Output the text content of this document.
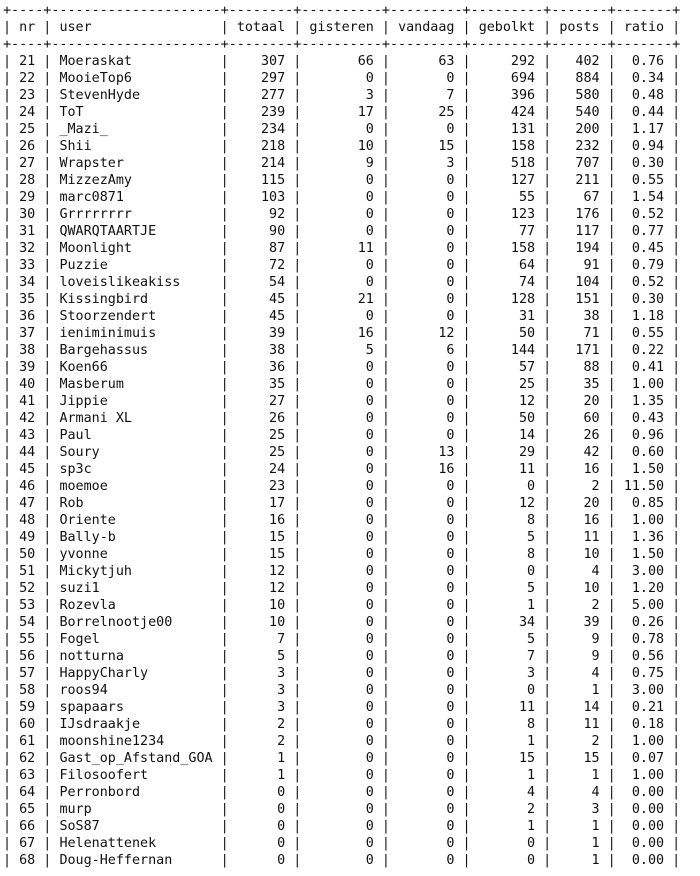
+----+---------------------+--------+----------+---------+---------+-------+-------+
| nr | user                | totaal | gisteren | vandaag | gebolkt | posts | ratio |
+----+---------------------+--------+----------+---------+---------+-------+-------+
| 21 | Moeraskat           |    307 |       66 |      63 |     292 |   402 |  0.76 |
| 22 | MooieTop6           |    297 |        0 |       0 |     694 |   884 |  0.34 |
| 23 | StevenHyde          |    277 |        3 |       7 |     396 |   580 |  0.48 |
| 24 | ToT                 |    239 |       17 |      25 |     424 |   540 |  0.44 |
| 25 | _Mazi_              |    234 |        0 |       0 |     131 |   200 |  1.17 |
| 26 | Shii                |    218 |       10 |      15 |     158 |   232 |  0.94 |
| 27 | Wrapster            |    214 |        9 |       3 |     518 |   707 |  0.30 |
| 28 | MizzezAmy           |    115 |        0 |       0 |     127 |   211 |  0.55 |
| 29 | marc0871            |    103 |        0 |       0 |      55 |    67 |  1.54 |
| 30 | Grrrrrrrr           |     92 |        0 |       0 |     123 |   176 |  0.52 |
| 31 | QWARQTAARTJE        |     90 |        0 |       0 |      77 |   117 |  0.77 |
| 32 | Moonlight           |     87 |       11 |       0 |     158 |   194 |  0.45 |
| 33 | Puzzie              |     72 |        0 |       0 |      64 |    91 |  0.79 |
| 34 | loveislikeakiss     |     54 |        0 |       0 |      74 |   104 |  0.52 |
| 35 | Kissingbird         |     45 |       21 |       0 |     128 |   151 |  0.30 |
| 36 | Stoorzendert        |     45 |        0 |       0 |      31 |    38 |  1.18 |
| 37 | ieniminimuis        |     39 |       16 |      12 |      50 |    71 |  0.55 |
| 38 | Bargehassus         |     38 |        5 |       6 |     144 |   171 |  0.22 |
| 39 | Koen66              |     36 |        0 |       0 |      57 |    88 |  0.41 |
| 40 | Masberum            |     35 |        0 |       0 |      25 |    35 |  1.00 |
| 41 | Jippie              |     27 |        0 |       0 |      12 |    20 |  1.35 |
| 42 | Armani XL           |     26 |        0 |       0 |      50 |    60 |  0.43 |
| 43 | Paul                |     25 |        0 |       0 |      14 |    26 |  0.96 |
| 44 | Soury               |     25 |        0 |      13 |      29 |    42 |  0.60 |
| 45 | sp3c                |     24 |        0 |      16 |      11 |    16 |  1.50 |
| 46 | moemoe              |     23 |        0 |       0 |       0 |     2 | 11.50 |
| 47 | Rob                 |     17 |        0 |       0 |      12 |    20 |  0.85 |
| 48 | Oriente             |     16 |        0 |       0 |       8 |    16 |  1.00 |
| 49 | Bally-b             |     15 |        0 |       0 |       5 |    11 |  1.36 |
| 50 | yvonne              |     15 |        0 |       0 |       8 |    10 |  1.50 |
| 51 | Mickytjuh           |     12 |        0 |       0 |       0 |     4 |  3.00 |
| 52 | suzi1               |     12 |        0 |       0 |       5 |    10 |  1.20 |
| 53 | Rozevla             |     10 |        0 |       0 |       1 |     2 |  5.00 |
| 54 | Borrelnootje00      |     10 |        0 |       0 |      34 |    39 |  0.26 |
| 55 | Fogel               |      7 |        0 |       0 |       5 |     9 |  0.78 |
| 56 | notturna            |      5 |        0 |       0 |       7 |     9 |  0.56 |
| 57 | HappyCharly         |      3 |        0 |       0 |       3 |     4 |  0.75 |
| 58 | roos94              |      3 |        0 |       0 |       0 |     1 |  3.00 |
| 59 | spapaars            |      3 |        0 |       0 |      11 |    14 |  0.21 |
| 60 | IJsdraakje          |      2 |        0 |       0 |       8 |    11 |  0.18 |
| 61 | moonshine1234       |      2 |        0 |       0 |       1 |     2 |  1.00 |
| 62 | Gast_op_Afstand_GOA |      1 |        0 |       0 |      15 |    15 |  0.07 |
| 63 | Filosoofert         |      1 |        0 |       0 |       1 |     1 |  1.00 |
| 64 | Perronbord          |      0 |        0 |       0 |       4 |     4 |  0.00 |
| 65 | murp                |      0 |        0 |       0 |       2 |     3 |  0.00 |
| 66 | SoS87               |      0 |        0 |       0 |       1 |     1 |  0.00 |
| 67 | Helenattenek        |      0 |        0 |       0 |       0 |     1 |  0.00 |
| 68 | Doug-Heffernan      |      0 |        0 |       0 |       0 |     1 |  0.00 |
